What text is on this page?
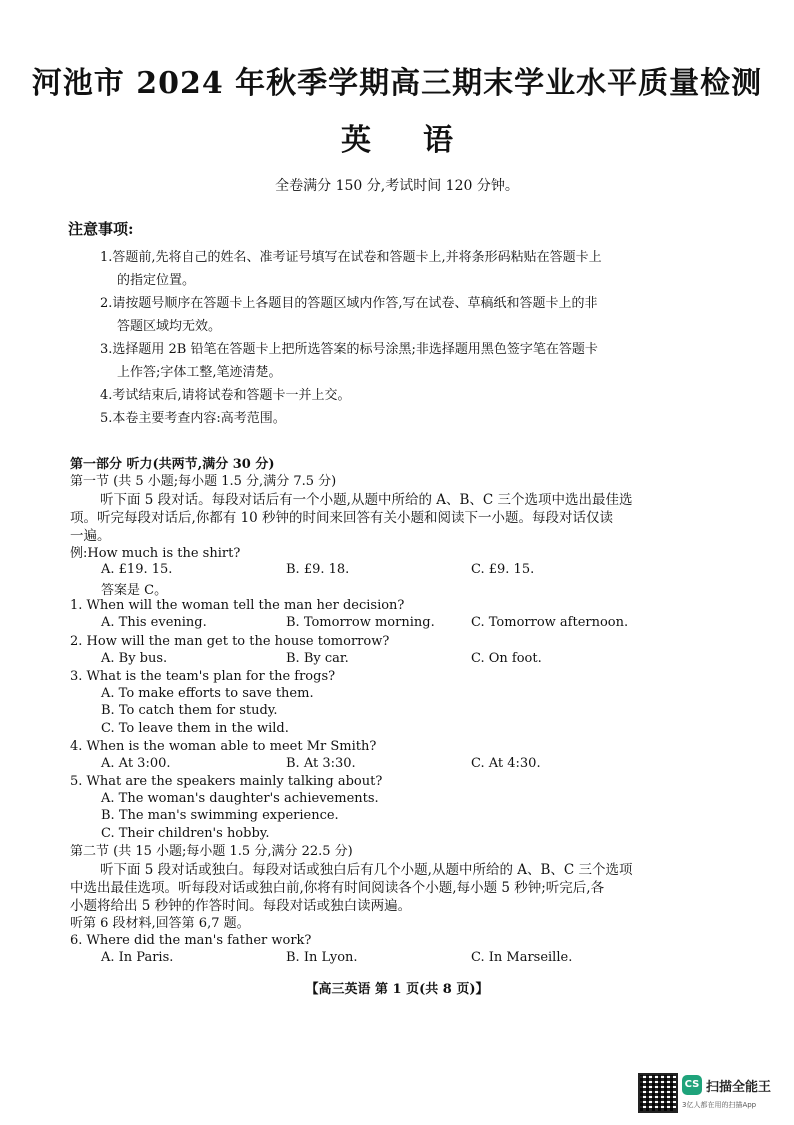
河池市 2024 年秋季学期高三期末学业水平质量检测
英 语
全卷满分 150 分,考试时间 120 分钟。
注意事项:
1.答题前,先将自己的姓名、准考证号填写在试卷和答题卡上,并将条形码粘贴在答题卡上
的指定位置。
2.请按题号顺序在答题卡上各题目的答题区域内作答,写在试卷、草稿纸和答题卡上的非
答题区域均无效。
3.选择题用 2B 铅笔在答题卡上把所选答案的标号涂黑;非选择题用黑色签字笔在答题卡
上作答;字体工整,笔迹清楚。
4.考试结束后,请将试卷和答题卡一并上交。
5.本卷主要考查内容:高考范围。
第一部分 听力(共两节,满分 30 分)
第一节 (共 5 小题;每小题 1.5 分,满分 7.5 分)
听下面 5 段对话。每段对话后有一个小题,从题中所给的 A、B、C 三个选项中选出最佳选
项。听完每段对话后,你都有 10 秒钟的时间来回答有关小题和阅读下一小题。每段对话仅读
一遍。
例:How much is the shirt?
A. £19. 15.	B. £9. 18.	C. £9. 15.
答案是 C。
1. When will the woman tell the man her decision?
A. This evening.	B. Tomorrow morning.	C. Tomorrow afternoon.
2. How will the man get to the house tomorrow?
A. By bus.	B. By car.	C. On foot.
3. What is the team's plan for the frogs?
A. To make efforts to save them.
B. To catch them for study.
C. To leave them in the wild.
4. When is the woman able to meet Mr Smith?
A. At 3:00.	B. At 3:30.	C. At 4:30.
5. What are the speakers mainly talking about?
A. The woman's daughter's achievements.
B. The man's swimming experience.
C. Their children's hobby.
第二节 (共 15 小题;每小题 1.5 分,满分 22.5 分)
听下面 5 段对话或独白。每段对话或独白后有几个小题,从题中所给的 A、B、C 三个选项
中选出最佳选项。听每段对话或独白前,你将有时间阅读各个小题,每小题 5 秒钟;听完后,各
小题将给出 5 秒钟的作答时间。每段对话或独白读两遍。
听第 6 段材料,回答第 6,7 题。
6. Where did the man's father work?
A. In Paris.	B. In Lyon.	C. In Marseille.
【高三英语 第 1 页(共 8 页)】
CS 扫描全能王
3亿人都在用的扫描App
